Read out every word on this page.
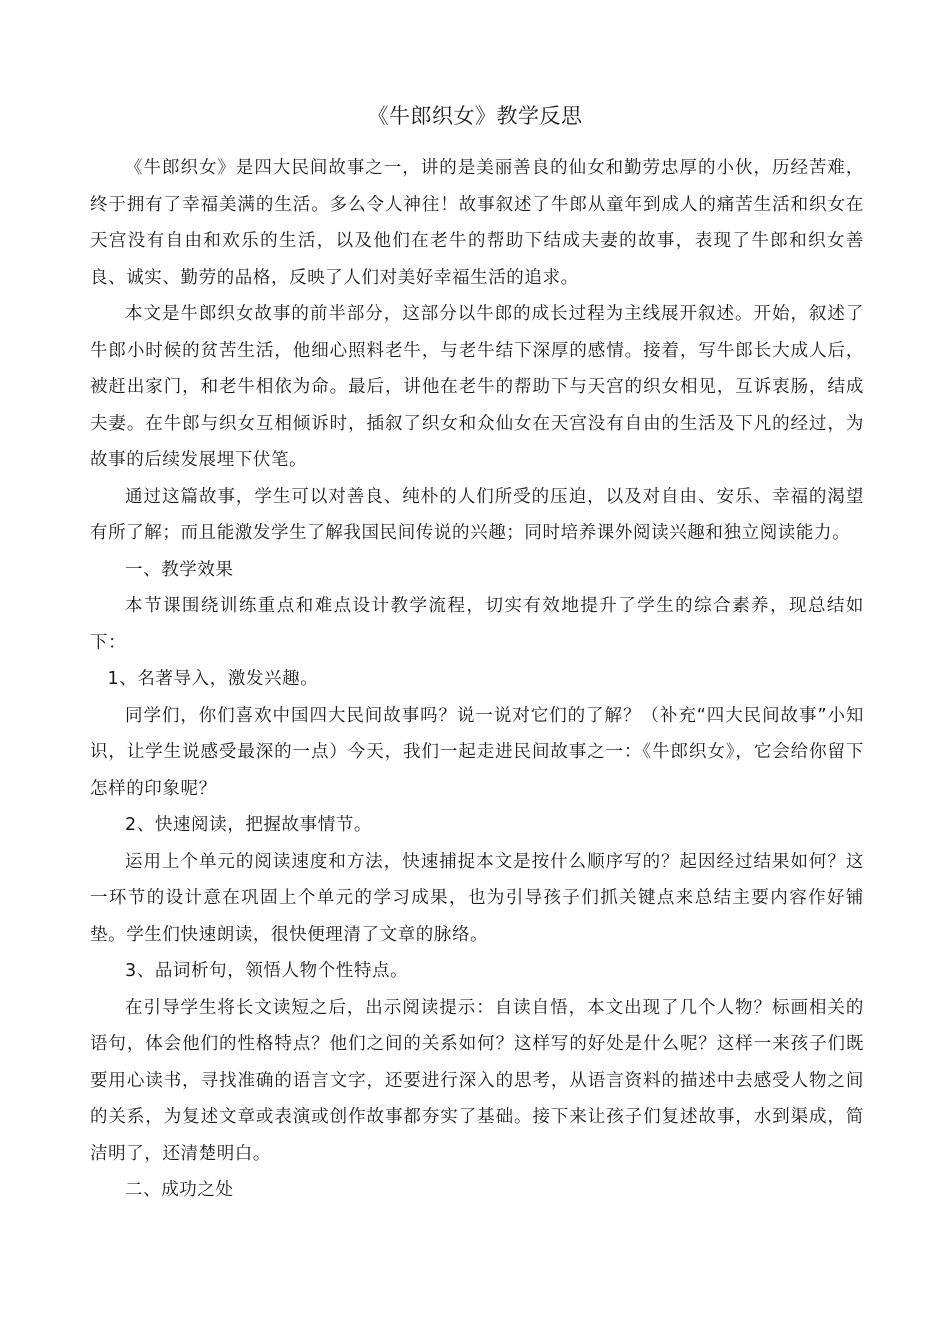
《牛郎织女》教学反思

《牛郎织女》是四大民间故事之一，讲的是美丽善良的仙女和勤劳忠厚的小伙，历经苦难，终于拥有了幸福美满的生活。多么令人神往！故事叙述了牛郎从童年到成人的痛苦生活和织女在天宫没有自由和欢乐的生活，以及他们在老牛的帮助下结成夫妻的故事，表现了牛郎和织女善良、诚实、勤劳的品格，反映了人们对美好幸福生活的追求。

本文是牛郎织女故事的前半部分，这部分以牛郎的成长过程为主线展开叙述。开始，叙述了牛郎小时候的贫苦生活，他细心照料老牛，与老牛结下深厚的感情。接着，写牛郎长大成人后，被赶出家门，和老牛相依为命。最后，讲他在老牛的帮助下与天宫的织女相见，互诉衷肠，结成夫妻。在牛郎与织女互相倾诉时，插叙了织女和众仙女在天宫没有自由的生活及下凡的经过，为故事的后续发展埋下伏笔。

通过这篇故事，学生可以对善良、纯朴的人们所受的压迫，以及对自由、安乐、幸福的渴望有所了解；而且能激发学生了解我国民间传说的兴趣；同时培养课外阅读兴趣和独立阅读能力。

一、教学效果

本节课围绕训练重点和难点设计教学流程，切实有效地提升了学生的综合素养，现总结如下：

1、名著导入，激发兴趣。

同学们，你们喜欢中国四大民间故事吗？说一说对它们的了解？（补充“四大民间故事”小知识，让学生说感受最深的一点）今天，我们一起走进民间故事之一：《牛郎织女》，它会给你留下怎样的印象呢？

2、快速阅读，把握故事情节。

运用上个单元的阅读速度和方法，快速捕捉本文是按什么顺序写的？起因经过结果如何？这一环节的设计意在巩固上个单元的学习成果，也为引导孩子们抓关键点来总结主要内容作好铺垫。学生们快速朗读，很快便理清了文章的脉络。

3、品词析句，领悟人物个性特点。

在引导学生将长文读短之后，出示阅读提示：自读自悟，本文出现了几个人物？标画相关的语句，体会他们的性格特点？他们之间的关系如何？这样写的好处是什么呢？这样一来孩子们既要用心读书，寻找准确的语言文字，还要进行深入的思考，从语言资料的描述中去感受人物之间的关系，为复述文章或表演或创作故事都夯实了基础。接下来让孩子们复述故事，水到渠成，简洁明了，还清楚明白。

二、成功之处
